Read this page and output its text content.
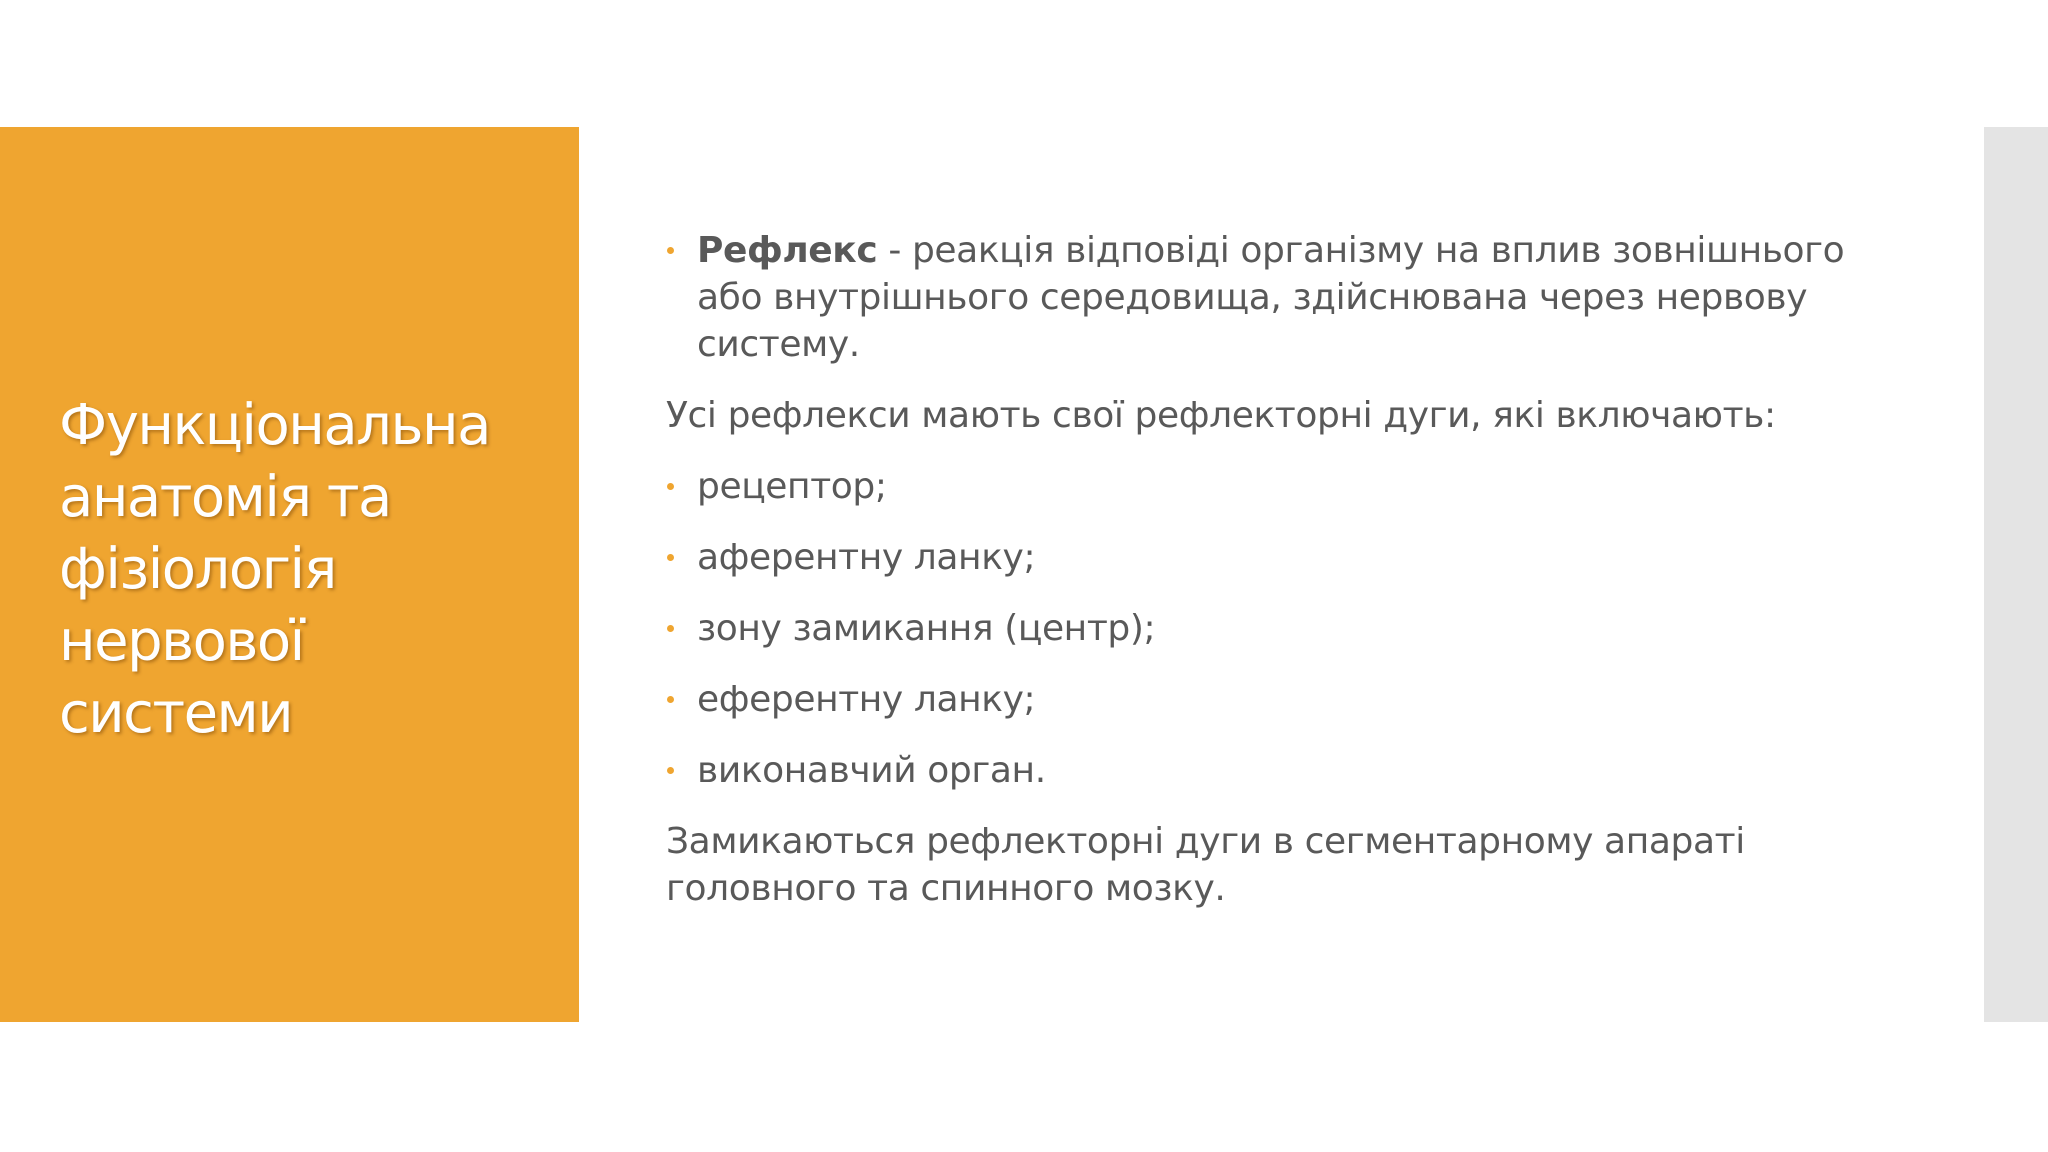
Функціональна
анатомія та
фізіологія
нервової
системи

Рефлекс - реакція відповіді організму на вплив зовнішнього або внутрішнього середовища, здійснювана через нервову систему.

Усі рефлекси мають свої рефлекторні дуги, які включають:

рецептор;

аферентну ланку;

зону замикання (центр);

еферентну ланку;

виконавчий орган.

Замикаються рефлекторні дуги в сегментарному апараті головного та спинного мозку.
